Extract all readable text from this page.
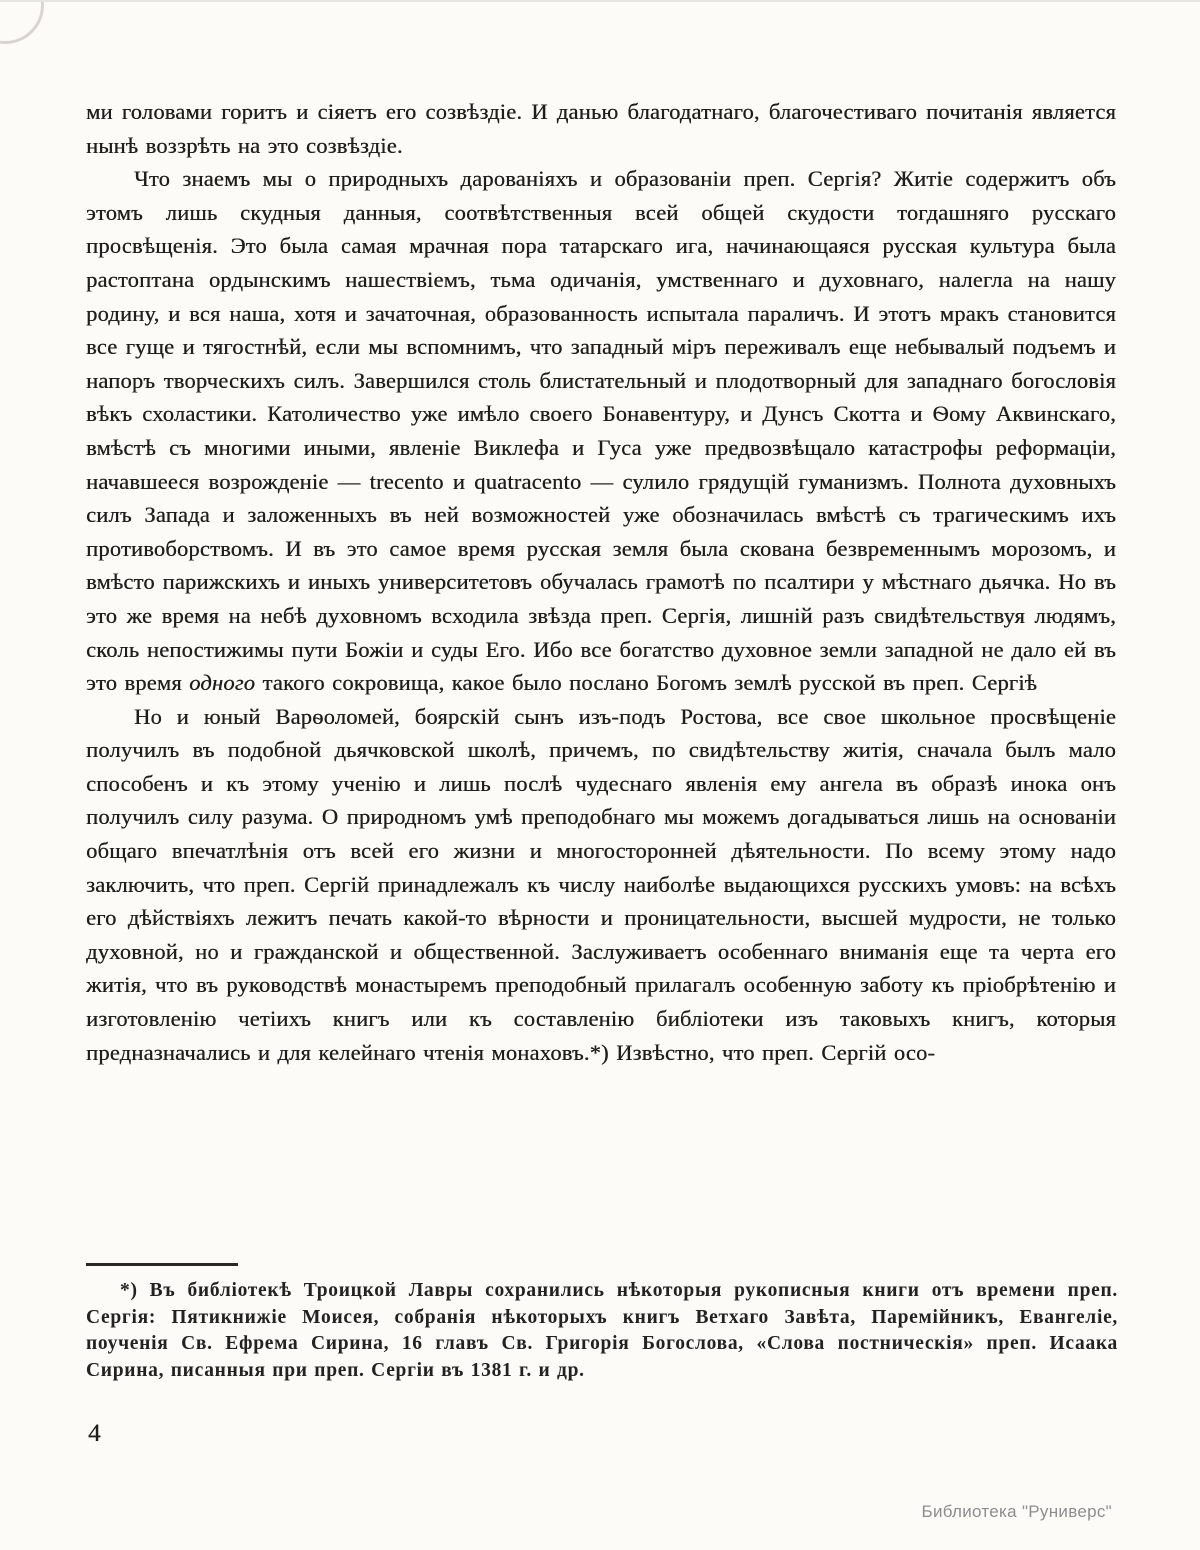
ми головами горитъ и сіяетъ его созвѣздіе. И данью благодатнаго, благочестиваго почитанія является нынѣ воззрѣть на это созвѣздіе.

Что знаемъ мы о природныхъ дарованіяхъ и образованіи преп. Сергія? Житіе содержитъ объ этомъ лишь скудныя данныя, соотвѣтственныя всей общей скудости тогдашняго русскаго просвѣщенія. Это была самая мрачная пора татарскаго ига, начинающаяся русская культура была растоптана ордынскимъ нашествіемъ, тьма одичанія, умственнаго и духовнаго, налегла на нашу родину, и вся наша, хотя и зачаточная, образованность испытала параличъ. И этотъ мракъ становится все гуще и тягостнѣй, если мы вспомнимъ, что западный міръ переживалъ еще небывалый подъемъ и напоръ творческихъ силъ. Завершился столь блистательный и плодотворный для западнаго богословія вѣкъ схоластики. Католичество уже имѣло своего Бонавентуру, и Дунсъ Скотта и Ѳому Аквинскаго, вмѣстѣ съ многими иными, явленіе Виклефа и Гуса уже предвозвѣщало катастрофы реформаціи, начавшееся возрожденіе — trecento и quatracento — сулило грядущій гуманизмъ. Полнота духовныхъ силъ Запада и заложенныхъ въ ней возможностей уже обозначилась вмѣстѣ съ трагическимъ ихъ противоборствомъ. И въ это самое время русская земля была скована безвременнымъ морозомъ, и вмѣсто парижскихъ и иныхъ университетовъ обучалась грамотѣ по псалтири у мѣстнаго дьячка. Но въ это же время на небѣ духовномъ всходила звѣзда преп. Сергія, лишній разъ свидѣтельствуя людямъ, сколь непостижимы пути Божіи и суды Его. Ибо все богатство духовное земли западной не дало ей въ это время одного такого сокровища, какое было послано Богомъ землѣ русской въ преп. Сергіѣ

Но и юный Варѳоломей, боярскій сынъ изъ-подъ Ростова, все свое школьное просвѣщеніе получилъ въ подобной дьячковской школѣ, причемъ, по свидѣтельству житія, сначала былъ мало способенъ и къ этому ученію и лишь послѣ чудеснаго явленія ему ангела въ образѣ инока онъ получилъ силу разума. О природномъ умѣ преподобнаго мы можемъ догадываться лишь на основаніи общаго впечатлѣнія отъ всей его жизни и многосторонней дѣятельности. По всему этому надо заключить, что преп. Сергій принадлежалъ къ числу наиболѣе выдающихся русскихъ умовъ: на всѣхъ его дѣйствіяхъ лежитъ печать какой-то вѣрности и проницательности, высшей мудрости, не только духовной, но и гражданской и общественной. Заслуживаетъ особеннаго вниманія еще та черта его житія, что въ руководствѣ монастыремъ преподобный прилагалъ особенную заботу къ пріобрѣтенію и изготовленію четіихъ книгъ или къ составленію библіотеки изъ таковыхъ книгъ, которыя предназначались и для келейнаго чтенія монаховъ.*) Извѣстно, что преп. Сергій осо-

*) Въ библіотекѣ Троицкой Лавры сохранились нѣкоторыя рукописныя книги отъ времени преп. Сергія: Пятикнижіе Моисея, собранія нѣкоторыхъ книгъ Ветхаго Завѣта, Паремійникъ, Евангеліе, поученія Св. Ефрема Сирина, 16 главъ Св. Григорія Богослова, «Слова постническія» преп. Исаака Сирина, писанныя при преп. Сергіи въ 1381 г. и др.
4
Библиотека "Руниверс"
